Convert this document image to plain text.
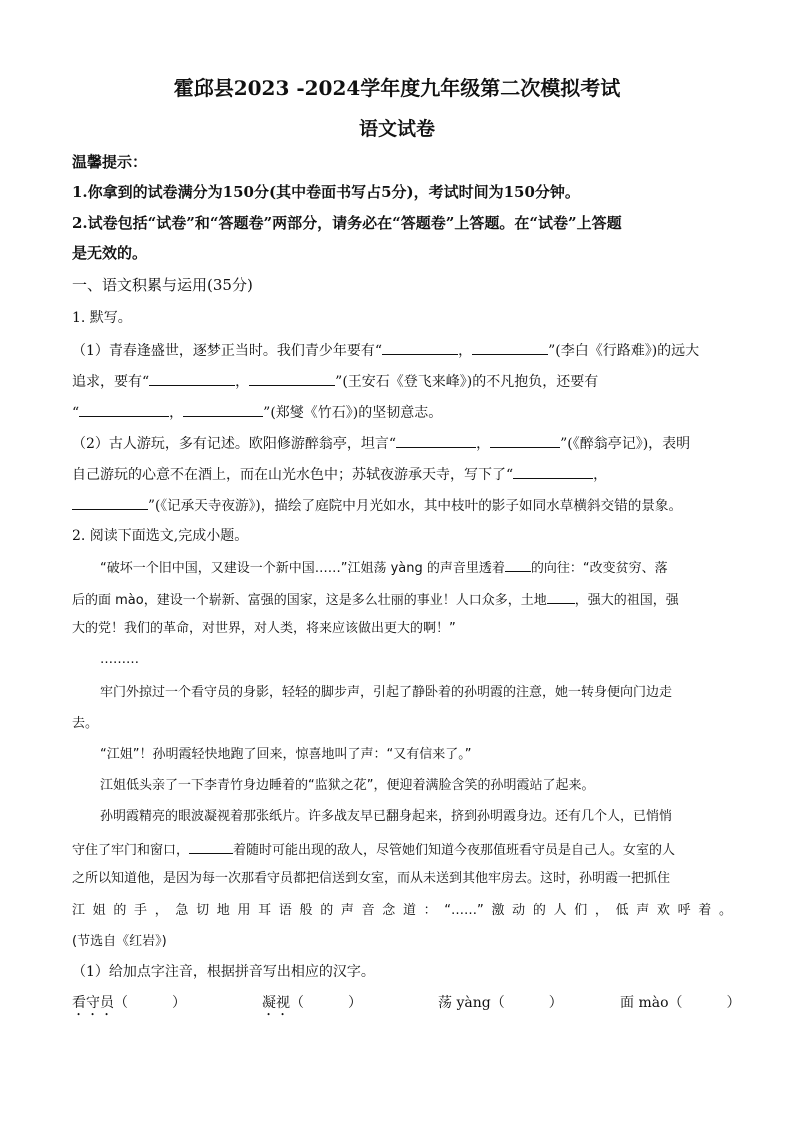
霍邱县2023 -2024学年度九年级第二次模拟考试
语文试卷
温馨提示：
1.你拿到的试卷满分为150分(其中卷面书写占5分)，考试时间为150分钟。
2.试卷包括“试卷”和“答题卷”两部分，请务必在“答题卷”上答题。在“试卷”上答题
是无效的。
一、语文积累与运用(35分)
1. 默写。
（1）青春逢盛世，逐梦正当时。我们青少年要有“	，	”(李白《行路难》)的远大
追求，要有“	，	”(王安石《登飞来峰》)的不凡抱负，还要有
“	，	”(郑燮《竹石》)的坚韧意志。
（2）古人游玩，多有记述。欧阳修游醉翁亭，坦言“	，	”(《醉翁亭记》)，表明
自己游玩的心意不在酒上，而在山光水色中；苏轼夜游承天寺，写下了“	，
”(《记承天寺夜游》)，描绘了庭院中月光如水，其中枝叶的影子如同水草横斜交错的景象。
2. 阅读下面选文,完成小题。
“破坏一个旧中国，又建设一个新中国……”江姐荡 yàng 的声音里透着 的向往：“改变贫穷、落
后的面 mào，建设一个崭新、富强的国家，这是多么壮丽的事业！人口众多，土地 ，强大的祖国，强
大的党！我们的革命，对世界，对人类，将来应该做出更大的啊！”
………
牢门外掠过一个看守员的身影，轻轻的脚步声，引起了静卧着的孙明霞的注意，她一转身便向门边走
去。
“江姐”！孙明霞轻快地跑了回来，惊喜地叫了声：“又有信来了。”
江姐低头亲了一下李青竹身边睡着的“监狱之花”，便迎着满脸含笑的孙明霞站了起来。
孙明霞精亮的眼波凝视着那张纸片。许多战友早已翻身起来，挤到孙明霞身边。还有几个人，已悄悄
守住了牢门和窗口，	着随时可能出现的敌人，尽管她们知道今夜那值班看守员是自己人。女室的人
之所以知道他，是因为每一次那看守员都把信送到女室，而从未送到其他牢房去。这时，孙明霞一把抓住
江姐的手，急切地用耳语般的声音念道：“……”激动的人们，低声欢呼着。
(节选自《红岩》)
（1）给加点字注音，根据拼音写出相应的汉字。
看守员（	）	凝视（	）	荡 yàng（	）	面 mào（	）
